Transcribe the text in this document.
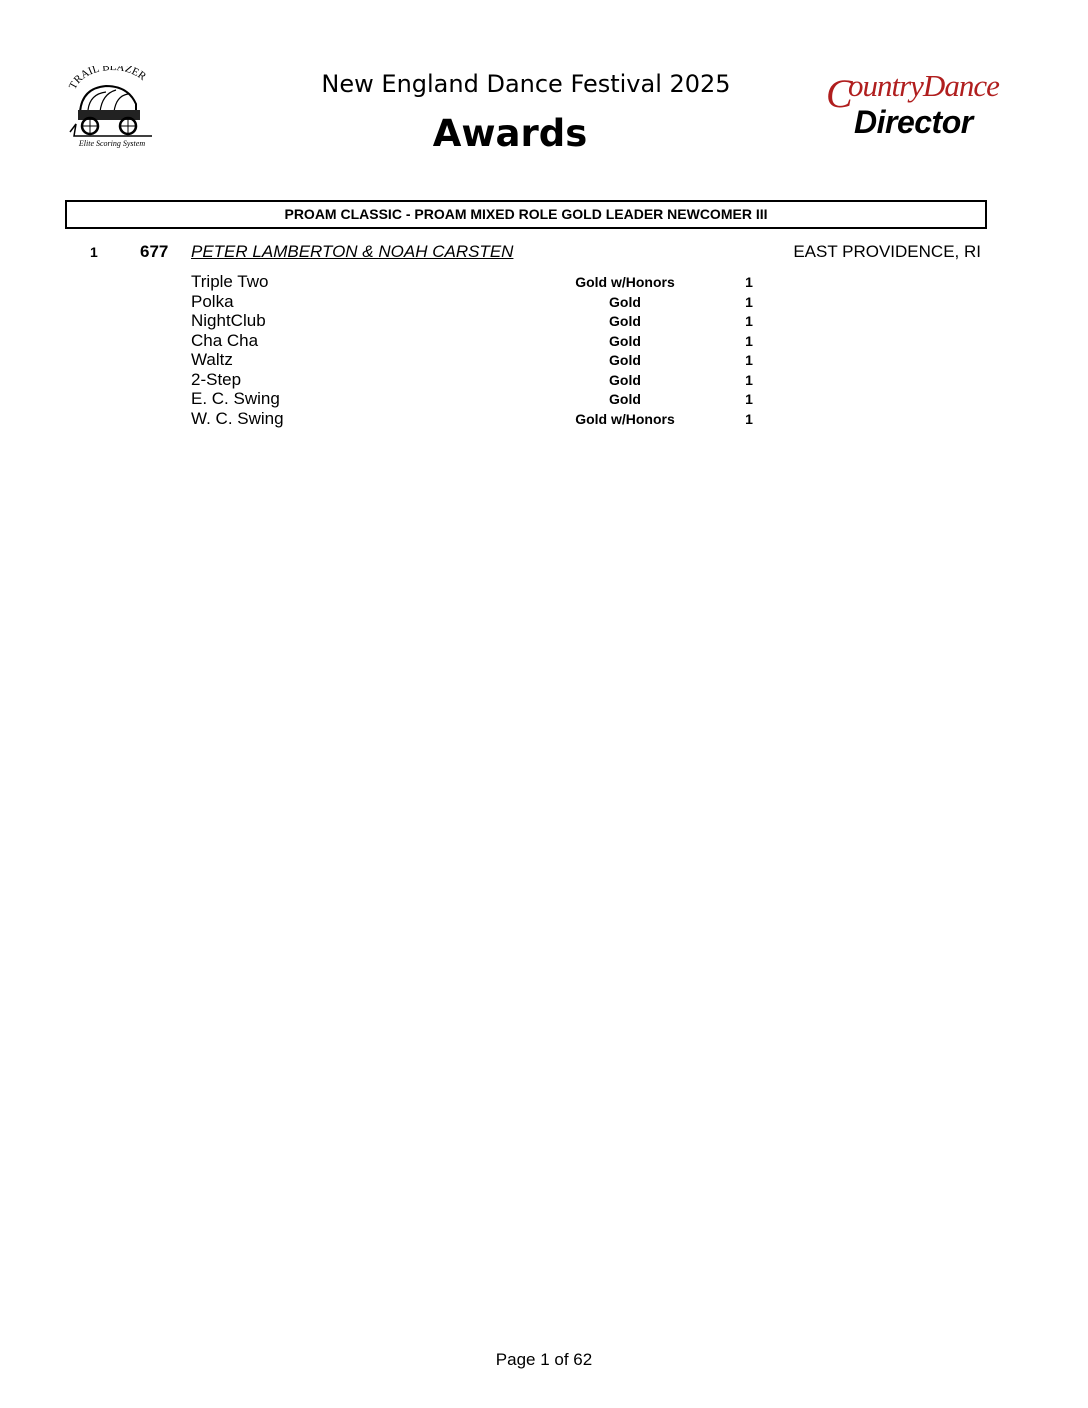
TRAIL BLAZER
Elite Scoring System
New England Dance Festival 2025
Awards
C
ountryDance
Director
PROAM CLASSIC - PROAM MIXED ROLE GOLD LEADER NEWCOMER III
1 677 PETER LAMBERTON & NOAH CARSTEN	EAST PROVIDENCE, RI
Triple Two	Gold w/Honors	1
Polka	Gold	1
NightClub	Gold	1
Cha Cha	Gold	1
Waltz	Gold	1
2-Step	Gold	1
E. C. Swing	Gold	1
W. C. Swing	Gold w/Honors	1
Page 1 of 62
